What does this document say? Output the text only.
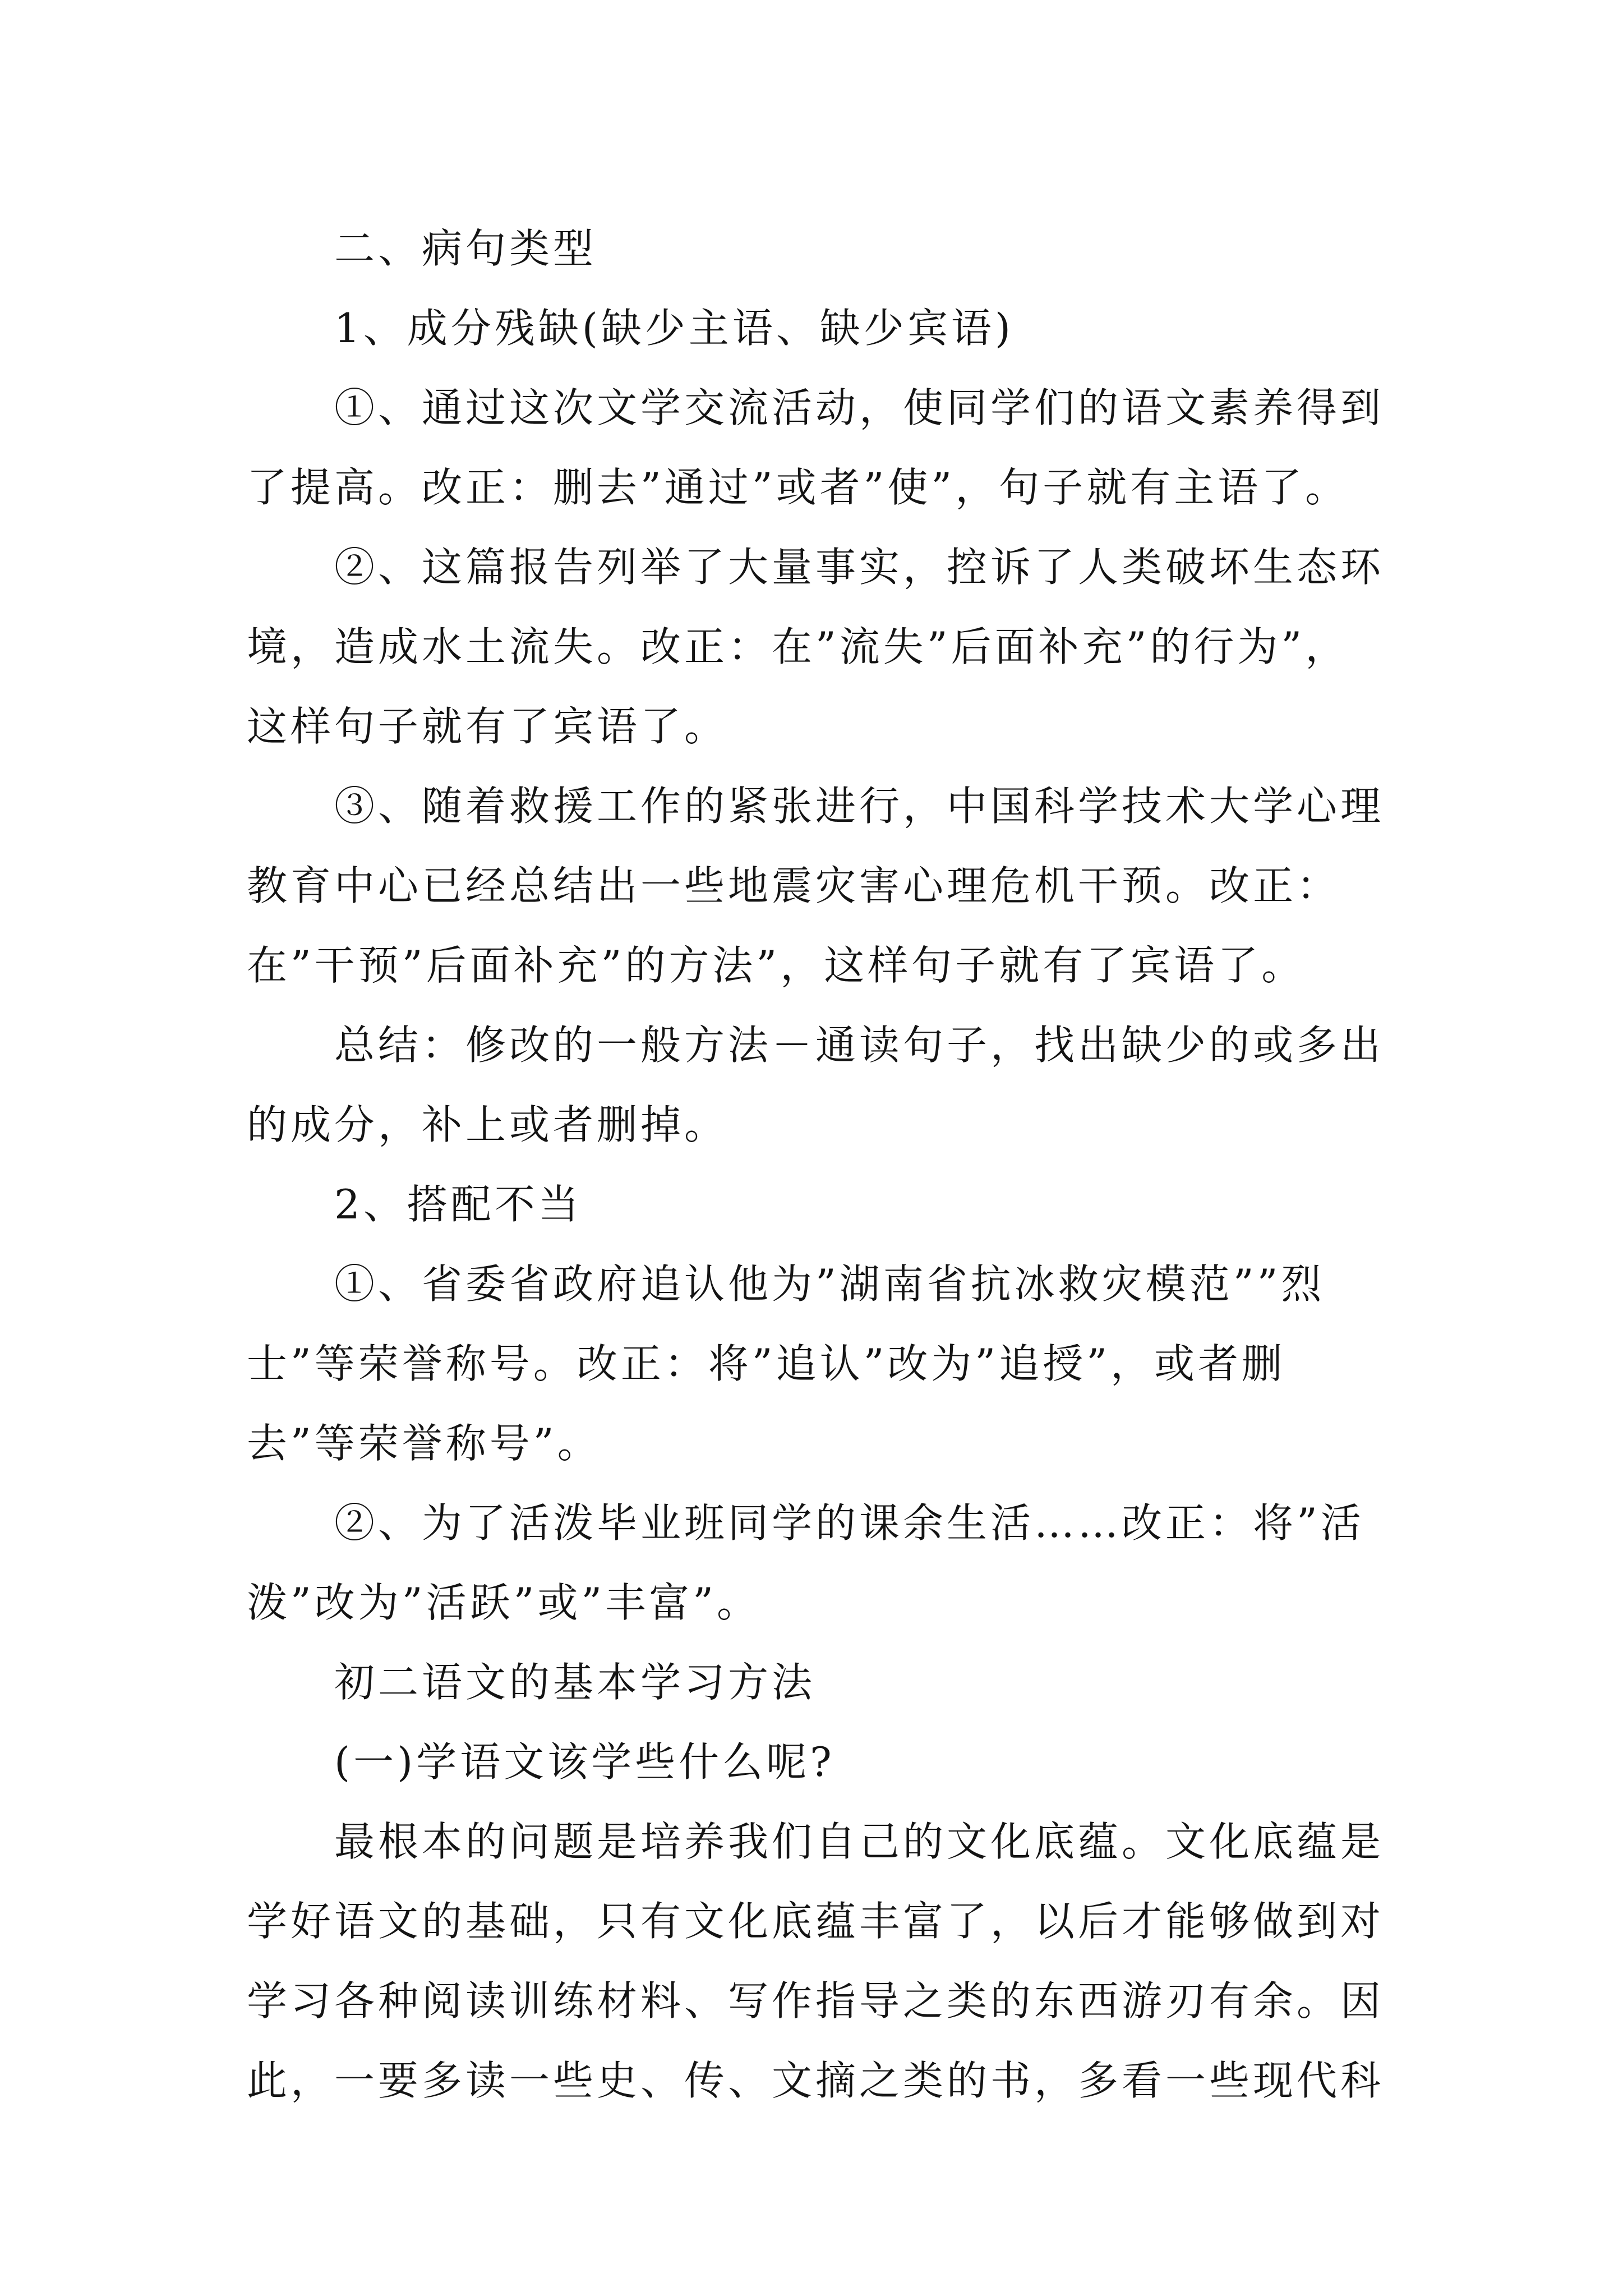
二、病句类型

1、成分残缺(缺少主语、缺少宾语)

①、通过这次文学交流活动，使同学们的语文素养得到了提高。改正：删去”通过”或者”使”，句子就有主语了。

②、这篇报告列举了大量事实，控诉了人类破坏生态环境，造成水土流失。改正：在”流失”后面补充”的行为”，这样句子就有了宾语了。

③、随着救援工作的紧张进行，中国科学技术大学心理教育中心已经总结出一些地震灾害心理危机干预。改正：在”干预”后面补充”的方法”，这样句子就有了宾语了。

总结：修改的一般方法－通读句子，找出缺少的或多出的成分，补上或者删掉。

2、搭配不当

①、省委省政府追认他为”湖南省抗冰救灾模范””烈士”等荣誉称号。改正：将”追认”改为”追授”，或者删去”等荣誉称号”。

②、为了活泼毕业班同学的课余生活……改正：将”活泼”改为”活跃”或”丰富”。

初二语文的基本学习方法

(一)学语文该学些什么呢?

最根本的问题是培养我们自己的文化底蕴。文化底蕴是学好语文的基础，只有文化底蕴丰富了，以后才能够做到对学习各种阅读训练材料、写作指导之类的东西游刃有余。因此，一要多读一些史、传、文摘之类的书，多看一些现代科
